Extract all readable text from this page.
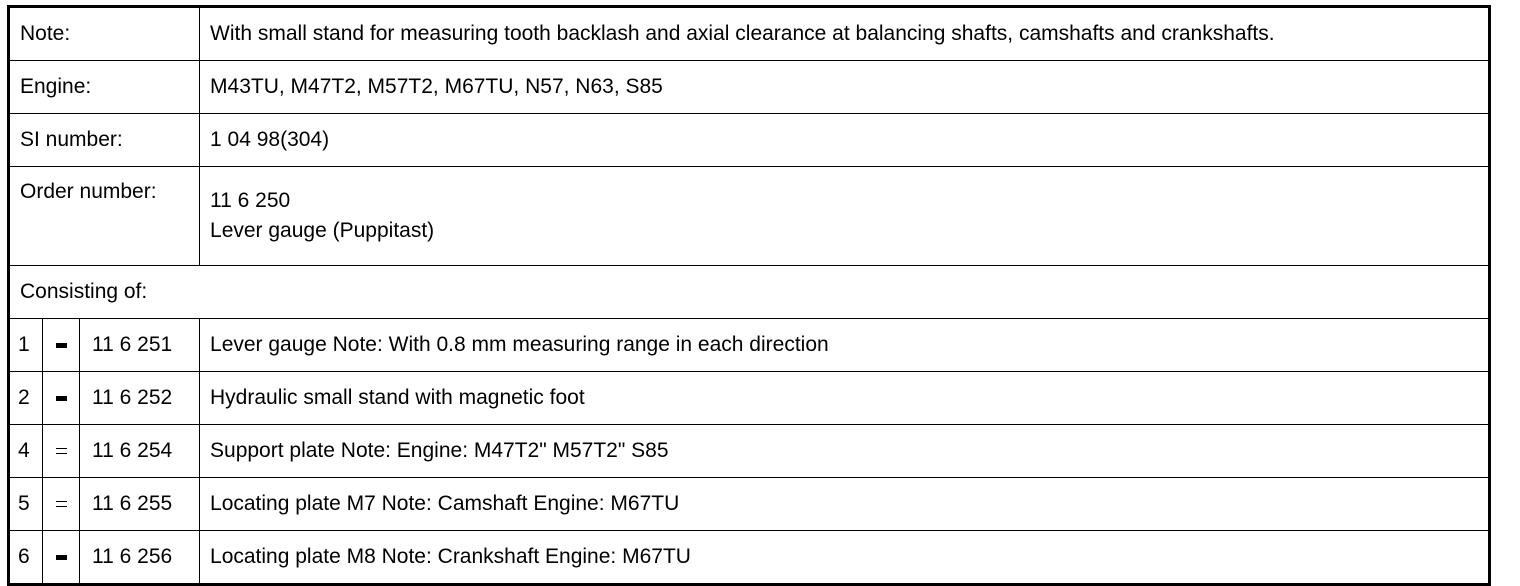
Note:			With small stand for measuring tooth backlash and axial clearance at balancing shafts, camshafts and crankshafts.
Engine:			M43TU, M47T2, M57T2, M67TU, N57, N63, S85
SI number:			1 04 98(304)
Order number:			11 6 250
Lever gauge (Puppitast)

Consisting of:			
1		11 6 251	Lever gauge Note: With 0.8 mm measuring range in each direction
2		11 6 252	Hydraulic small stand with magnetic foot
4		11 6 254	Support plate Note: Engine: M47T2" M57T2" S85
5		11 6 255	Locating plate M7 Note: Camshaft Engine: M67TU
6		11 6 256	Locating plate M8 Note: Crankshaft Engine: M67TU
